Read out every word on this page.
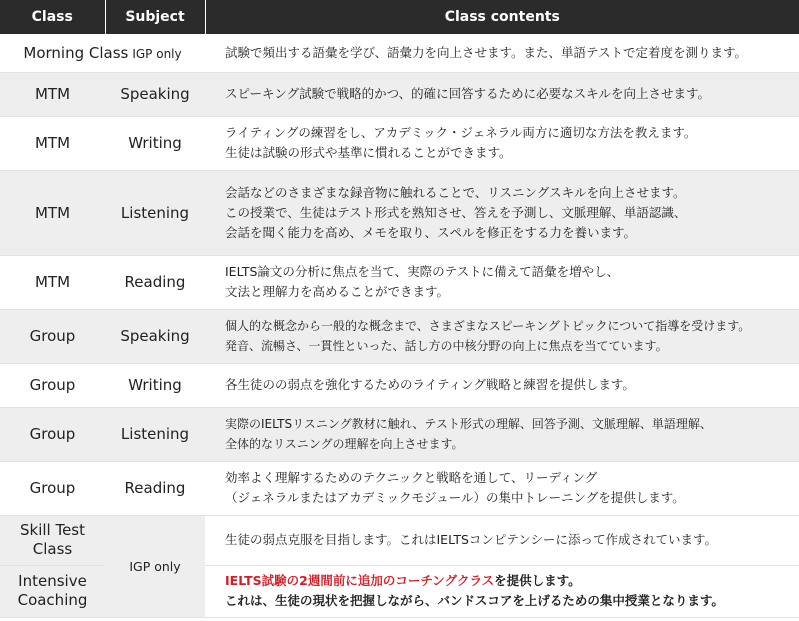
Class	Subject	Class contents
Morning Class IGP only		試験で頻出する語彙を学び、語彙力を向上させます。また、単語テストで定着度を測ります。

MTM	Speaking	スピーキング試験で戦略的かつ、的確に回答するために必要なスキルを向上させます。

MTM	Writing	ライティングの練習をし、アカデミック・ジェネラル両方に適切な方法を教えます。
生徒は試験の形式や基準に慣れることができます。

MTM	Listening	会話などのさまざまな録音物に触れることで、リスニングスキルを向上させます。
この授業で、生徒はテスト形式を熟知させ、答えを予測し、文脈理解、単語認識、
会話を聞く能力を高め、メモを取り、スペルを修正をする力を養います。

MTM	Reading	IELTS論文の分析に焦点を当て、実際のテストに備えて語彙を増やし、
文法と理解力を高めることができます。

Group	Speaking	個人的な概念から一般的な概念まで、さまざまなスピーキングトピックについて指導を受けます。
発音、流暢さ、一貫性といった、話し方の中核分野の向上に焦点を当てています。

Group	Writing	各生徒のの弱点を強化するためのライティング戦略と練習を提供します。

Group	Listening	実際のIELTSリスニング教材に触れ、テスト形式の理解、回答予測、文脈理解、単語理解、
全体的なリスニングの理解を向上させます。

Group	Reading	効率よく理解するためのテクニックと戦略を通して、リーディング
（ジェネラルまたはアカデミックモジュール）の集中トレーニングを提供します。

Skill Test
Class	IGP only	生徒の弱点克服を目指します。これはIELTSコンピテンシーに添って作成されています。

Intensive
Coaching		IELTS試験の2週間前に追加のコーチングクラスを提供します。
これは、生徒の現状を把握しながら、バンドスコアを上げるための集中授業となります。
